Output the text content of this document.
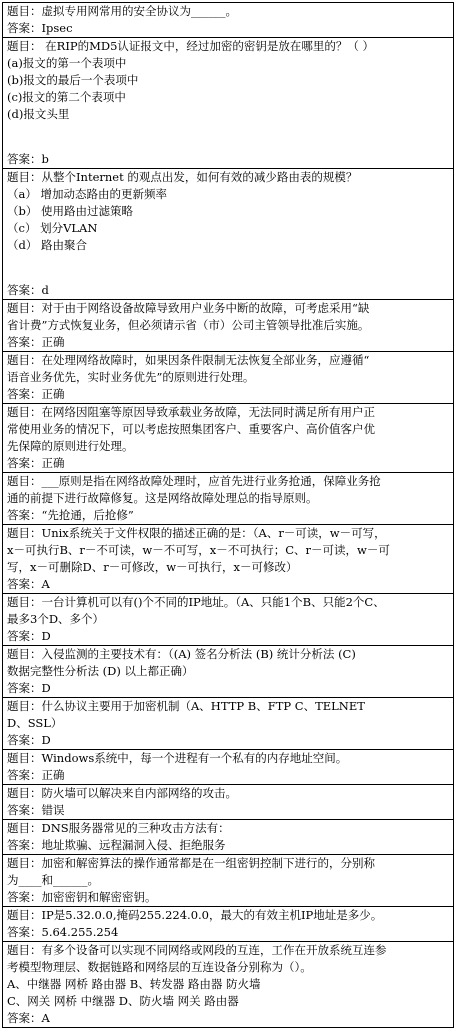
题目：虚拟专用网常用的安全协议为______。
答案：Ipsec
题目： 在RIP的MD5认证报文中，经过加密的密钥是放在哪里的？（ ）
(a)报文的第一个表项中
(b)报文的最后一个表项中
(c)报文的第二个表项中
(d)报文头里
答案：b
题目：从整个Internet 的观点出发，如何有效的减少路由表的规模？
（a） 增加动态路由的更新频率
（b） 使用路由过滤策略
（c） 划分VLAN
（d） 路由聚合
答案：d
题目：对于由于网络设备故障导致用户业务中断的故障，可考虑采用“缺
省计费”方式恢复业务，但必须请示省（市）公司主管领导批准后实施。
答案：正确
题目：在处理网络故障时，如果因条件限制无法恢复全部业务，应遵循“
语音业务优先，实时业务优先”的原则进行处理。
答案：正确
题目：在网络因阻塞等原因导致承载业务故障，无法同时满足所有用户正
常使用业务的情况下，可以考虑按照集团客户、重要客户、高价值客户优
先保障的原则进行处理。
答案：正确
题目：___原则是指在网络故障处理时，应首先进行业务抢通，保障业务抢
通的前提下进行故障修复。这是网络故障处理总的指导原则。
答案：“先抢通，后抢修”
题目：Unix系统关于文件权限的描述正确的是：（A、r－可读，w－可写，
x－可执行B、r－不可读，w－不可写，x－不可执行；C、r－可读，w－可
写，x－可删除D、r－可修改，w－可执行，x－可修改）
答案：A
题目：一台计算机可以有()个不同的IP地址。（A、只能1个B、只能2个C、
最多3个D、多个）
答案：D
题目：入侵监测的主要技术有：（(A) 签名分析法 (B) 统计分析法 (C)
数据完整性分析法 (D) 以上都正确）
答案：D
题目：什么协议主要用于加密机制（A、HTTP B、FTP C、TELNET
D、SSL）
答案：D
题目：Windows系统中，每一个进程有一个私有的内存地址空间。
答案：正确
题目：防火墙可以解决来自内部网络的攻击。
答案：错误
题目：DNS服务器常见的三种攻击方法有：
答案：地址欺骗、远程漏洞入侵、拒绝服务
题目：加密和解密算法的操作通常都是在一组密钥控制下进行的，分别称
为____和______。
答案：加密密钥和解密密钥。
题目：IP是5.32.0.0,掩码255.224.0.0，最大的有效主机IP地址是多少。
答案：5.64.255.254
题目：有多个设备可以实现不同网络或网段的互连，工作在开放系统互连参
考模型物理层、数据链路和网络层的互连设备分别称为（）。
A、中继器 网桥 路由器 B、转发器 路由器 防火墙
C、网关 网桥 中继器 D、防火墙 网关 路由器
答案：A
